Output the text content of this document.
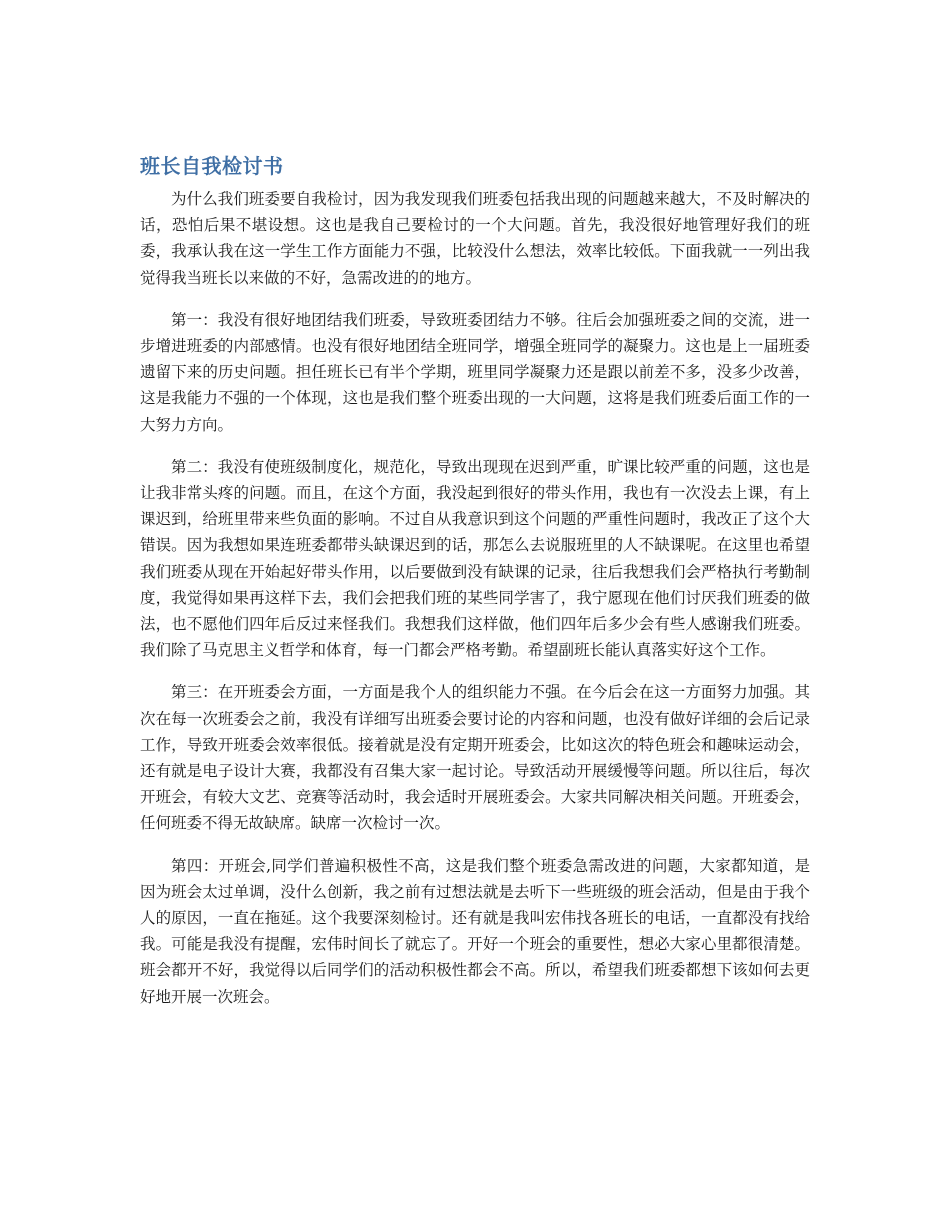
班长自我检讨书

为什么我们班委要自我检讨，因为我发现我们班委包括我出现的问题越来越大，不及时解决的话，恐怕后果不堪设想。这也是我自己要检讨的一个大问题。首先，我没很好地管理好我们的班委，我承认我在这一学生工作方面能力不强，比较没什么想法，效率比较低。下面我就一一列出我觉得我当班长以来做的不好，急需改进的的地方。

第一：我没有很好地团结我们班委，导致班委团结力不够。往后会加强班委之间的交流，进一步增进班委的内部感情。也没有很好地团结全班同学，增强全班同学的凝聚力。这也是上一届班委遗留下来的历史问题。担任班长已有半个学期，班里同学凝聚力还是跟以前差不多，没多少改善，这是我能力不强的一个体现，这也是我们整个班委出现的一大问题，这将是我们班委后面工作的一大努力方向。

第二：我没有使班级制度化，规范化，导致出现现在迟到严重，旷课比较严重的问题，这也是让我非常头疼的问题。而且，在这个方面，我没起到很好的带头作用，我也有一次没去上课，有上课迟到，给班里带来些负面的影响。不过自从我意识到这个问题的严重性问题时，我改正了这个大错误。因为我想如果连班委都带头缺课迟到的话，那怎么去说服班里的人不缺课呢。在这里也希望我们班委从现在开始起好带头作用，以后要做到没有缺课的记录，往后我想我们会严格执行考勤制度，我觉得如果再这样下去，我们会把我们班的某些同学害了，我宁愿现在他们讨厌我们班委的做法，也不愿他们四年后反过来怪我们。我想我们这样做，他们四年后多少会有些人感谢我们班委。我们除了马克思主义哲学和体育，每一门都会严格考勤。希望副班长能认真落实好这个工作。

第三：在开班委会方面，一方面是我个人的组织能力不强。在今后会在这一方面努力加强。其次在每一次班委会之前，我没有详细写出班委会要讨论的内容和问题，也没有做好详细的会后记录工作，导致开班委会效率很低。接着就是没有定期开班委会，比如这次的特色班会和趣味运动会，还有就是电子设计大赛，我都没有召集大家一起讨论。导致活动开展缓慢等问题。所以往后，每次开班会，有较大文艺、竞赛等活动时，我会适时开展班委会。大家共同解决相关问题。开班委会，任何班委不得无故缺席。缺席一次检讨一次。

第四：开班会,同学们普遍积极性不高，这是我们整个班委急需改进的问题，大家都知道，是因为班会太过单调，没什么创新，我之前有过想法就是去听下一些班级的班会活动，但是由于我个人的原因，一直在拖延。这个我要深刻检讨。还有就是我叫宏伟找各班长的电话，一直都没有找给我。可能是我没有提醒，宏伟时间长了就忘了。开好一个班会的重要性，想必大家心里都很清楚。班会都开不好，我觉得以后同学们的活动积极性都会不高。所以，希望我们班委都想下该如何去更好地开展一次班会。
